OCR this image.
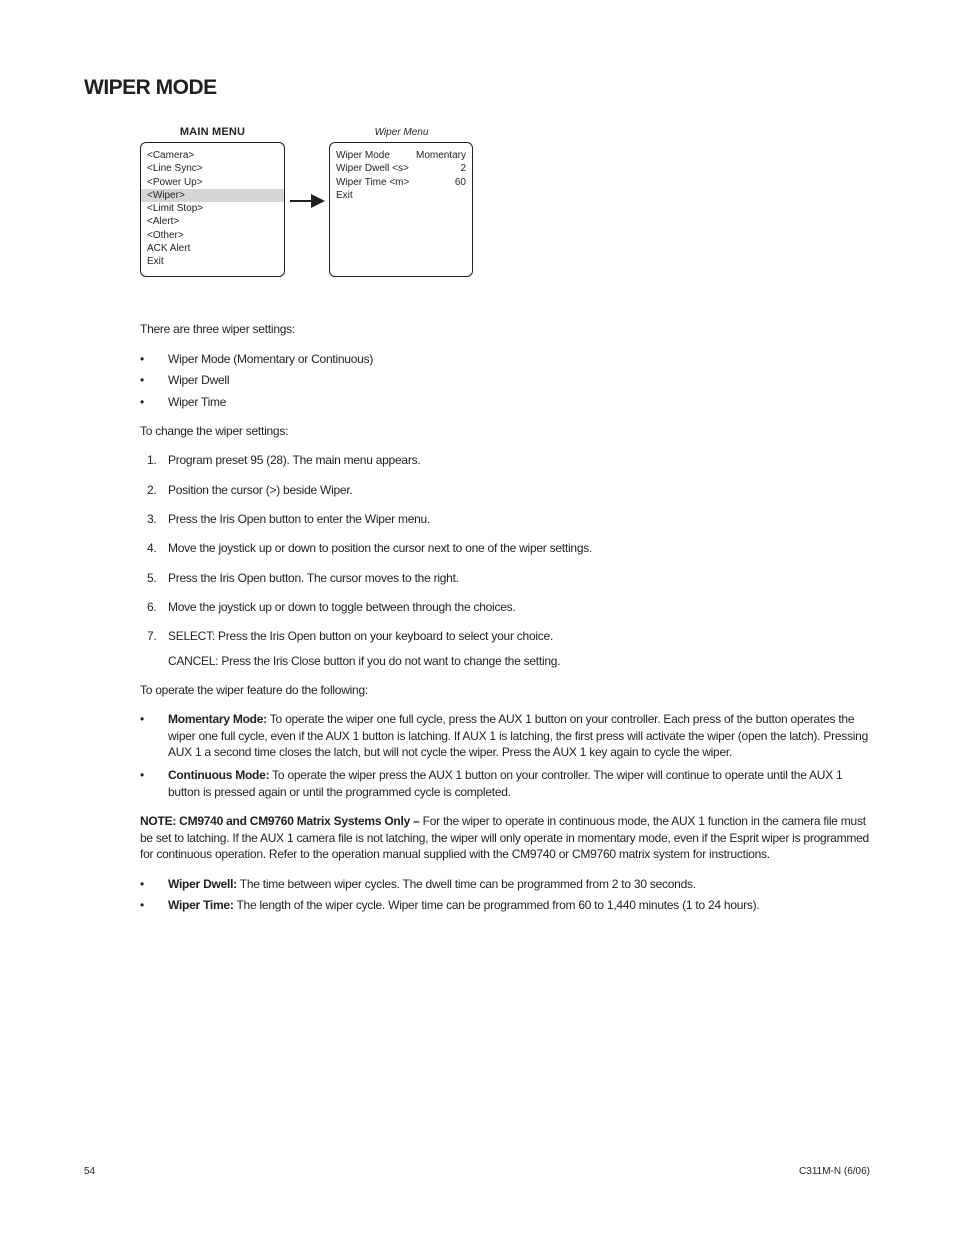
WIPER MODE
MAIN MENU	Wiper Menu
<Camera>
<Line Sync>
<Power Up>
<Wiper>
<Limit Stop>
<Alert>
<Other>
ACK Alert
Exit
Wiper Mode	Momentary
Wiper Dwell <s>	2
Wiper Time <m>	60
Exit

There are three wiper settings:

• Wiper Mode (Momentary or Continuous)
• Wiper Dwell
• Wiper Time

To change the wiper settings:

1. Program preset 95 (28). The main menu appears.
2. Position the cursor (>) beside Wiper.
3. Press the Iris Open button to enter the Wiper menu.
4. Move the joystick up or down to position the cursor next to one of the wiper settings.
5. Press the Iris Open button. The cursor moves to the right.
6. Move the joystick up or down to toggle between through the choices.
7. SELECT: Press the Iris Open button on your keyboard to select your choice.
CANCEL: Press the Iris Close button if you do not want to change the setting.

To operate the wiper feature do the following:

• Momentary Mode: To operate the wiper one full cycle, press the AUX 1 button on your controller. Each press of the button operates the wiper one full cycle, even if the AUX 1 button is latching. If AUX 1 is latching, the first press will activate the wiper (open the latch). Pressing AUX 1 a second time closes the latch, but will not cycle the wiper. Press the AUX 1 key again to cycle the wiper.
• Continuous Mode: To operate the wiper press the AUX 1 button on your controller. The wiper will continue to operate until the AUX 1 button is pressed again or until the programmed cycle is completed.

NOTE: CM9740 and CM9760 Matrix Systems Only – For the wiper to operate in continuous mode, the AUX 1 function in the camera file must be set to latching. If the AUX 1 camera file is not latching, the wiper will only operate in momentary mode, even if the Esprit wiper is programmed for continuous operation. Refer to the operation manual supplied with the CM9740 or CM9760 matrix system for instructions.

• Wiper Dwell: The time between wiper cycles. The dwell time can be programmed from 2 to 30 seconds.
• Wiper Time: The length of the wiper cycle. Wiper time can be programmed from 60 to 1,440 minutes (1 to 24 hours).
54	C311M-N (6/06)
